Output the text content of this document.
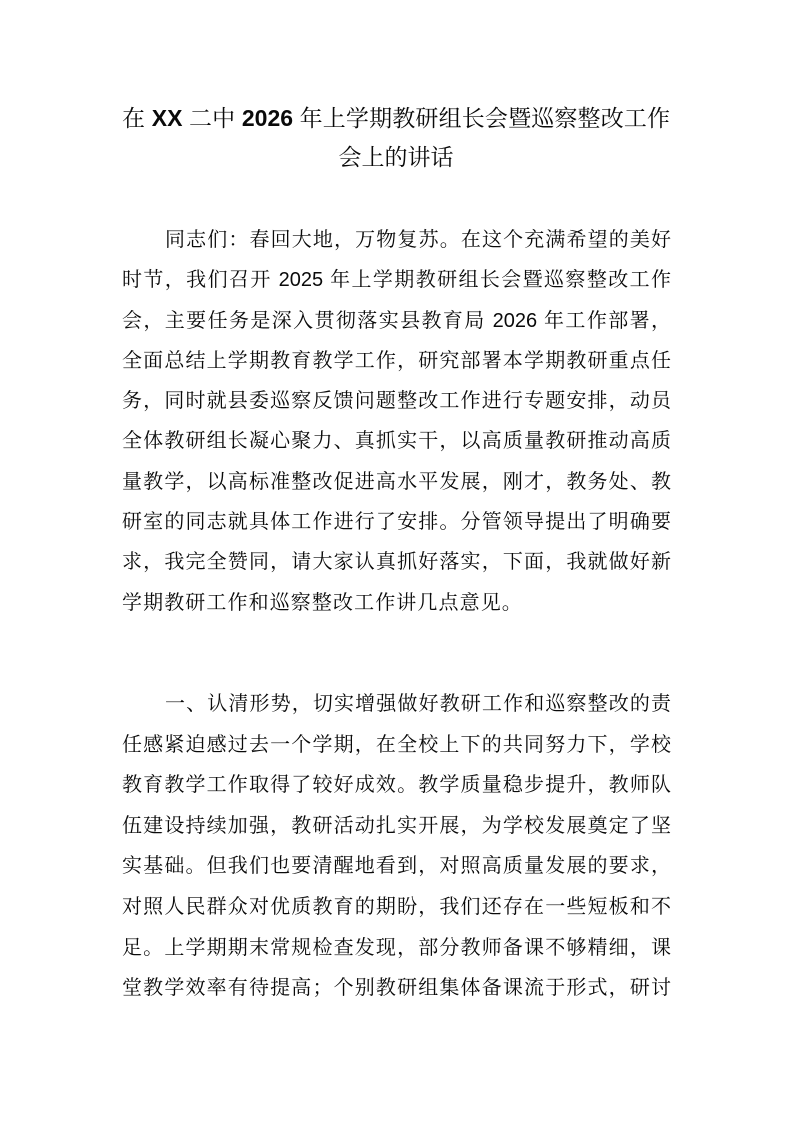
在 XX 二中 2026 年上学期教研组长会暨巡察整改工作
会上的讲话
同志们：春回大地，万物复苏。在这个充满希望的美好
时节，我们召开 2025 年上学期教研组长会暨巡察整改工作
会，主要任务是深入贯彻落实县教育局 2026 年工作部署，
全面总结上学期教育教学工作，研究部署本学期教研重点任
务，同时就县委巡察反馈问题整改工作进行专题安排，动员
全体教研组长凝心聚力、真抓实干，以高质量教研推动高质
量教学，以高标准整改促进高水平发展，刚才，教务处、教
研室的同志就具体工作进行了安排。分管领导提出了明确要
求，我完全赞同，请大家认真抓好落实，下面，我就做好新
学期教研工作和巡察整改工作讲几点意见。
一、认清形势，切实增强做好教研工作和巡察整改的责
任感紧迫感过去一个学期，在全校上下的共同努力下，学校
教育教学工作取得了较好成效。教学质量稳步提升，教师队
伍建设持续加强，教研活动扎实开展，为学校发展奠定了坚
实基础。但我们也要清醒地看到，对照高质量发展的要求，
对照人民群众对优质教育的期盼，我们还存在一些短板和不
足。上学期期末常规检查发现，部分教师备课不够精细，课
堂教学效率有待提高；个别教研组集体备课流于形式，研讨
